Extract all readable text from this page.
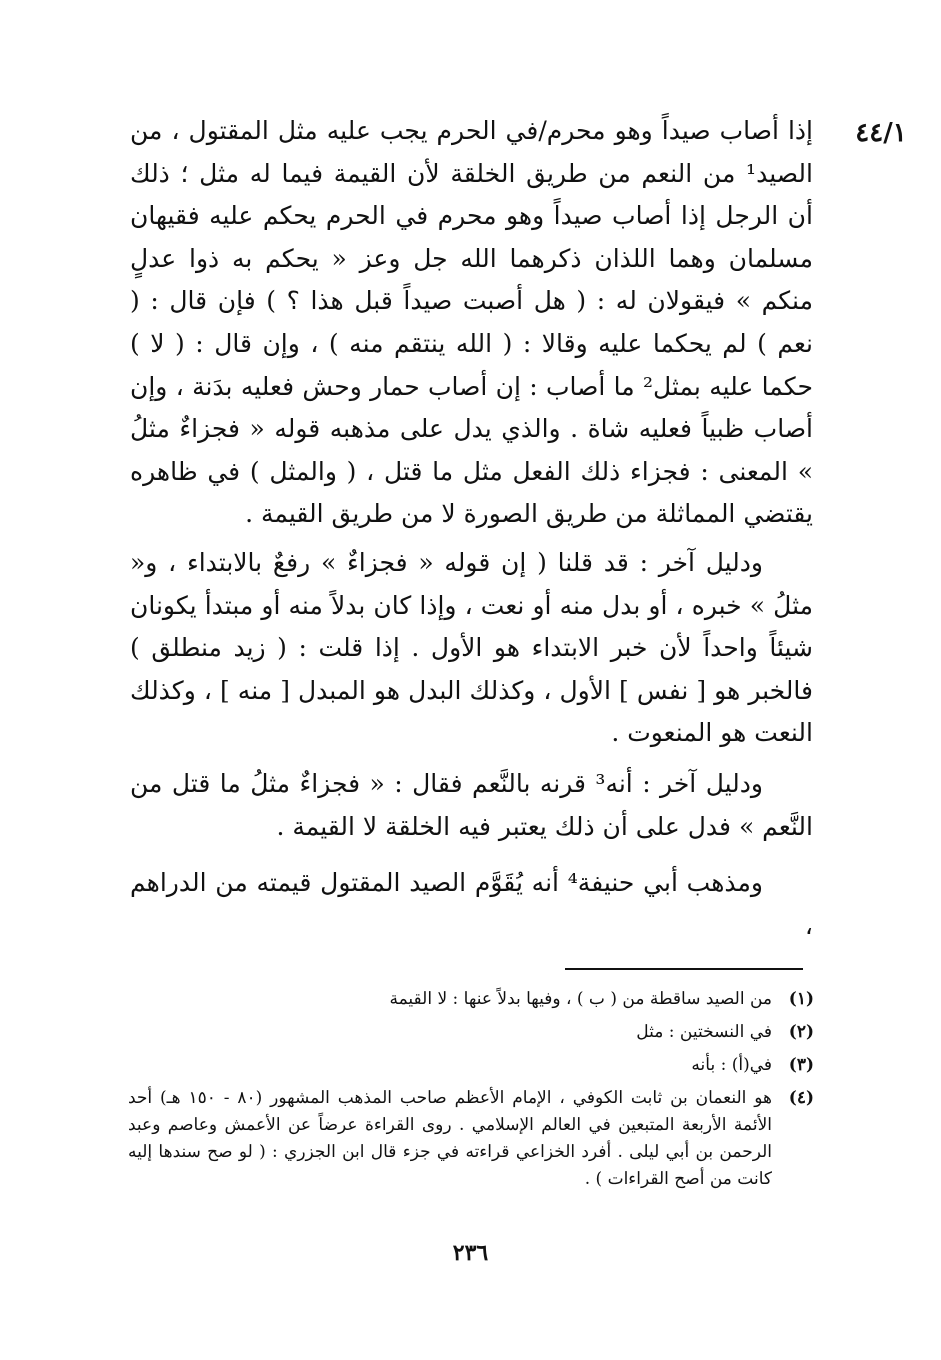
٤٤/١

إذا أصاب صيداً وهو محرم/في الحرم يجب عليه مثل المقتول ، من الصيد¹ من النعم من طريق الخلقة لأن القيمة فيما له مثل ؛ ذلك أن الرجل إذا أصاب صيداً وهو محرم في الحرم يحكم عليه فقيهان مسلمان وهما اللذان ذكرهما الله جل وعز « يحكم به ذوا عدلٍ منكم » فيقولان له : ( هل أصبت صيداً قبل هذا ؟ ) فإن قال : ( نعم ) لم يحكما عليه وقالا : ( الله ينتقم منه ) ، وإن قال : ( لا ) حكما عليه بمثل² ما أصاب : إن أصاب حمار وحش فعليه بدَنة ، وإن أصاب ظبياً فعليه شاة . والذي يدل على مذهبه قوله « فجزاءٌ مثلُ » المعنى : فجزاء ذلك الفعل مثل ما قتل ، ( والمثل ) في ظاهره يقتضي المماثلة من طريق الصورة لا من طريق القيمة .

ودليل آخر : قد قلنا ( إن قوله « فجزاءٌ » رفعٌ بالابتداء ، و« مثلُ » خبره ، أو بدل منه أو نعت ، وإذا كان بدلاً منه أو مبتدأ يكونان شيئاً واحداً لأن خبر الابتداء هو الأول . إذا قلت : ( زيد منطلق ) فالخبر هو [ نفس ] الأول ، وكذلك البدل هو المبدل [ منه ] ، وكذلك النعت هو المنعوت .

ودليل آخر : أنه³ قرنه بالنَّعم فقال : « فجزاءٌ مثلُ ما قتل من النَّعم » فدل على أن ذلك يعتبر فيه الخلقة لا القيمة .

ومذهب أبي حنيفة⁴ أنه يُقَوَّم الصيد المقتول قيمته من الدراهم ،

(١)
من الصيد ساقطة من ( ب ) ، وفيها بدلاً عنها : لا القيمة
(٢)
في النسختين : مثل
(٣)
في(أ) : بأنه
(٤)
هو النعمان بن ثابت الكوفي ، الإمام الأعظم صاحب المذهب المشهور (٨٠ - ١٥٠ هـ) أحد الأئمة الأربعة المتبعين في العالم الإسلامي . روى القراءة عرضاً عن الأعمش وعاصم وعبد الرحمن بن أبي ليلى . أفرد الخزاعي قراءته في جزء قال ابن الجزري : ( لو صح سندها إليه كانت من أصح القراءات ) .
٢٣٦
